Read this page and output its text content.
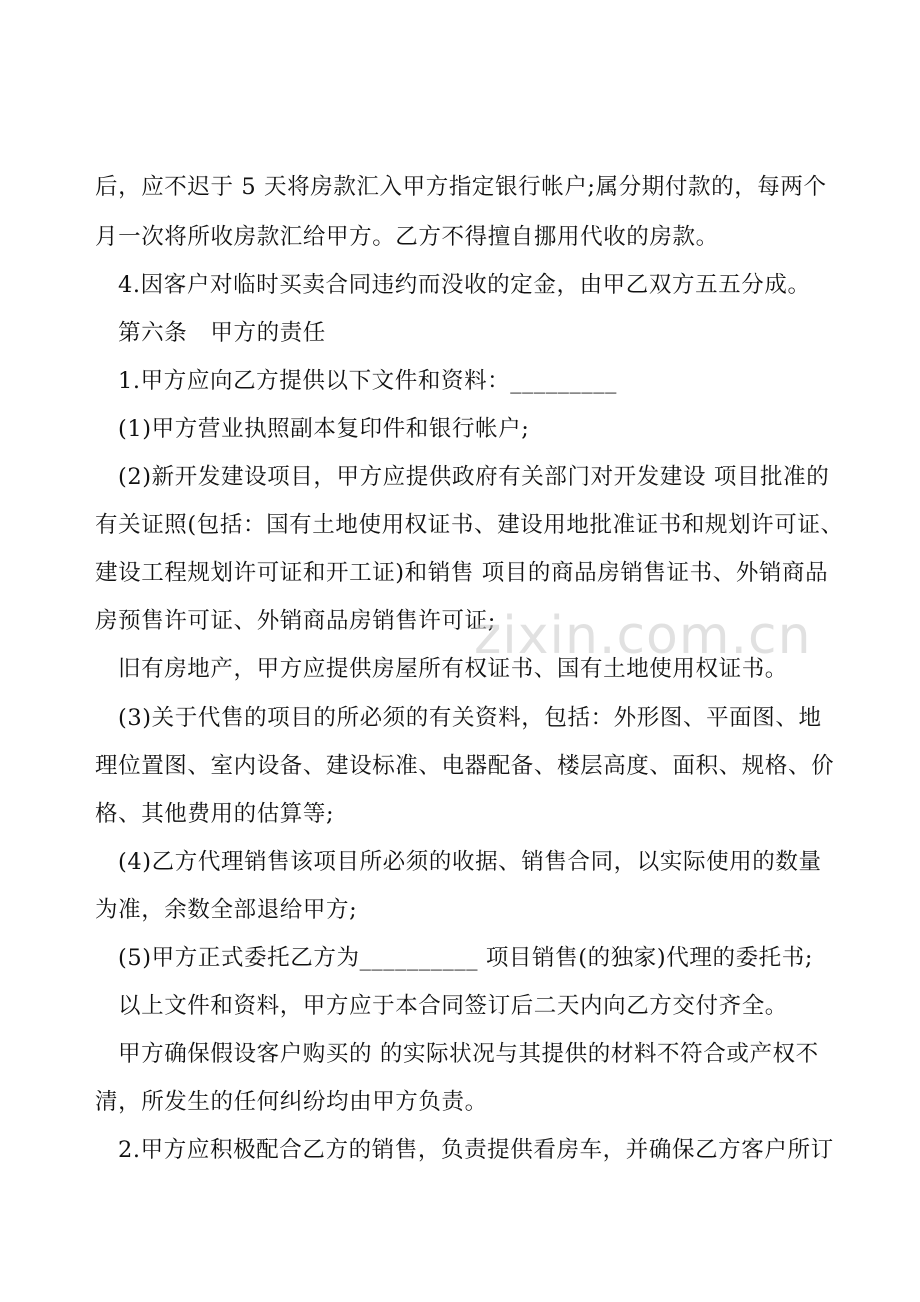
后，应不迟于 5 天将房款汇入甲方指定银行帐户;属分期付款的，每两个
月一次将所收房款汇给甲方。乙方不得擅自挪用代收的房款。
4.因客户对临时买卖合同违约而没收的定金，由甲乙双方五五分成。
第六条　甲方的责任
1.甲方应向乙方提供以下文件和资料：_________
(1)甲方营业执照副本复印件和银行帐户;
(2)新开发建设项目，甲方应提供政府有关部门对开发建设 项目批准的
有关证照(包括：国有土地使用权证书、建设用地批准证书和规划许可证、
建设工程规划许可证和开工证)和销售 项目的商品房销售证书、外销商品
房预售许可证、外销商品房销售许可证;
旧有房地产，甲方应提供房屋所有权证书、国有土地使用权证书。
(3)关于代售的项目的所必须的有关资料，包括：外形图、平面图、地
理位置图、室内设备、建设标准、电器配备、楼层高度、面积、规格、价
格、其他费用的估算等;
(4)乙方代理销售该项目所必须的收据、销售合同，以实际使用的数量
为准，余数全部退给甲方;
(5)甲方正式委托乙方为__________ 项目销售(的独家)代理的委托书;
以上文件和资料，甲方应于本合同签订后二天内向乙方交付齐全。
甲方确保假设客户购买的 的实际状况与其提供的材料不符合或产权不
清，所发生的任何纠纷均由甲方负责。
2.甲方应积极配合乙方的销售，负责提供看房车，并确保乙方客户所订
zixin.com.cn
